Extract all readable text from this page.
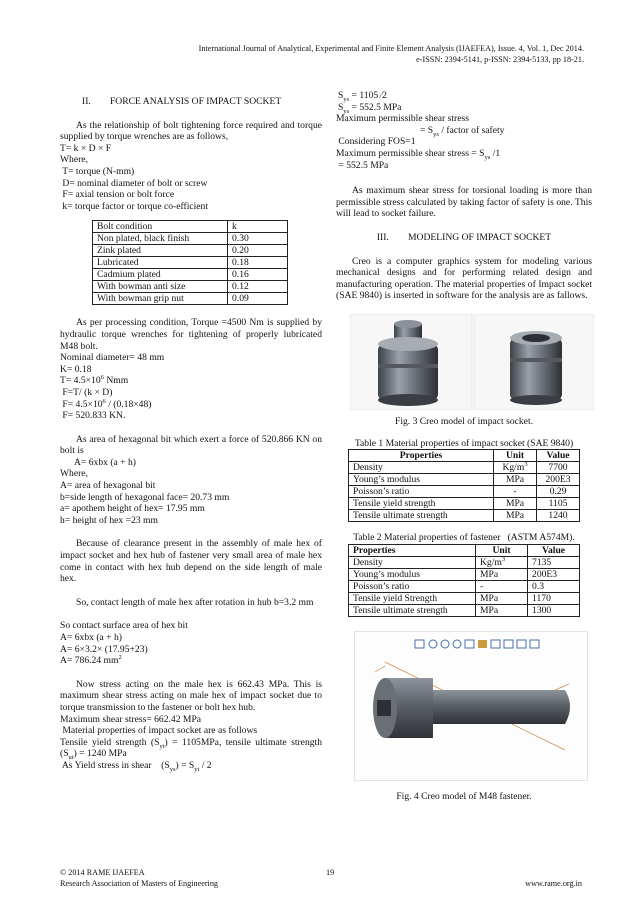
International Journal of Analytical, Experimental and Finite Element Analysis (IJAEFEA), Issue. 4, Vol. 1, Dec 2014.
e-ISSN: 2394-5141, p-ISSN: 2394-5133, pp 18-21.

II.        FORCE ANALYSIS OF IMPACT SOCKET

As the relationship of bolt tightening force required and torque supplied by torque wrenches are as follows,

T= k × D × F

Where,

T= torque (N-mm)

D= nominal diameter of bolt or screw

F= axial tension or bolt force

k= torque factor or torque co-efficient

Bolt condition	k
Non plated, black finish	0.30
Zink plated	0.20
Lubricated	0.18
Cadmium plated	0.16
With bowman anti size	0.12
With bowman grip nut	0.09

As per processing condition, Torque =4500 Nm is supplied by hydraulic torque wrenches for tightening of properly lubricated M48 bolt.

Nominal diameter= 48 mm

K= 0.18

$T= 4.5\times 10^6$ Nmm

F=T/ (k × D)

$F= 4.5\times 10^6 / (0.18\times 48)$

F= 520.833 KN.

As area of hexagonal bit which exert a force of 520.866 KN on bolt is

A= 6xbx (a + h)

Where,

A= area of hexagonal bit

b=side length of hexagonal face= 20.73 mm

a= apothem height of hex= 17.95 mm

h= height of hex =23 mm

Because of clearance present in the assembly of male hex of impact socket and hex hub of fastener very small area of male hex come in contact with hex hub depend on the side length of male hex.

So, contact length of male hex after rotation in hub b=3.2 mm

So contact surface area of hex bit

A= 6xbx (a + h)

A= 6×3.2× (17.95+23)

A= 786.24 $mm^2$

Now stress acting on the male hex is 662.43 MPa. This is maximum shear stress acting on male hex of impact socket due to torque transmission to the fastener or bolt hex hub.

Maximum shear stress= 662.42 MPa

Material properties of impact socket are as follows

Tensile yield strength $(S_{yt}) = 1105MPa$, tensile ultimate strength $(S_{ut}) = 1240$ MPa

As Yield stress in shear    $(S_{ys}) = S_{yt} / 2$

$S_{ys} = 1105$ ⁄2

$S_{ys} = 552.5$ MPa

Maximum permissible shear stress

= $S_{ys}$ / factor of safety

Considering FOS=1

Maximum permissible shear stress = $S_{ys}$ /1

= 552.5 MPa

As maximum shear stress for torsional loading is more than permissible stress calculated by taking factor of safety is one. This will lead to socket failure.

III.        MODELING OF IMPACT SOCKET

Creo is a computer graphics system for modeling various mechanical designs and for performing related design and manufacturing operation. The material properties of Impact socket (SAE 9840) is inserted in software for the analysis are as fallows.

Fig. 3 Creo model of impact socket.

Table 1 Material properties of impact socket (SAE 9840)

Properties	Unit	Value
Density	$Kg/m^3$	7700
Young’s modulus	MPa	200E3
Poisson’s ratio	-	0.29
Tensile yield strength	MPa	1105
Tensile ultimate strength	MPa	1240

Table 2 Material properties of fastener   (ASTM A574M).

Properties	Unit	Value
Density	$Kg/m^3$	7135
Young’s modulus	MPa	200E3
Poisson’s ratio	-	0.3
Tensile yield Strength	MPa	1170
Tensile ultimate strength	MPa	1300

Fig. 4 Creo model of M48 fastener.

© 2014 RAME IJAEFEA	19
Research Association of Masters of Engineering	www.rame.org.in
